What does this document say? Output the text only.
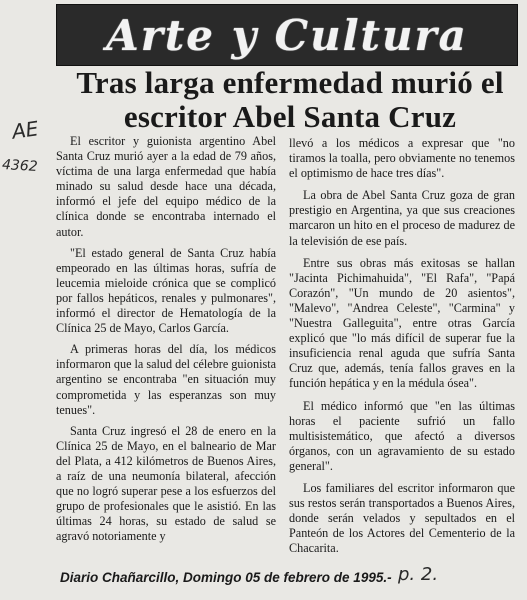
Arte y Cultura
Tras larga enfermedad murió el escritor Abel Santa Cruz
AE
4362

El escritor y guionista argentino Abel Santa Cruz murió ayer a la edad de 79 años, víctima de una larga enfermedad que había minado su salud desde hace una década, informó el jefe del equipo médico de la clínica donde se encontraba internado el autor.

"El estado general de Santa Cruz había empeorado en las últimas horas, sufría de leucemia mieloide crónica que se complicó por fallos hepáticos, renales y pulmonares", informó el director de Hematología de la Clínica 25 de Mayo, Carlos García.

A primeras horas del día, los médicos informaron que la salud del célebre guionista argentino se encontraba "en situación muy comprometida y las esperanzas son muy tenues".

Santa Cruz ingresó el 28 de enero en la Clínica 25 de Mayo, en el balneario de Mar del Plata, a 412 kilómetros de Buenos Aires, a raíz de una neumonía bilateral, afección que no logró superar pese a los esfuerzos del grupo de profesionales que le asistió. En las últimas 24 horas, su estado de salud se agravó notoriamente y

llevó a los médicos a expresar que "no tiramos la toalla, pero obviamente no tenemos el optimismo de hace tres días".

La obra de Abel Santa Cruz goza de gran prestigio en Argentina, ya que sus creaciones marcaron un hito en el proceso de madurez de la televisión de ese país.

Entre sus obras más exitosas se hallan "Jacinta Pichimahuida", "El Rafa", "Papá Corazón", "Un mundo de 20 asientos", "Malevo", "Andrea Celeste", "Carmina" y "Nuestra Galleguita", entre otras García explicó que "lo más difícil de superar fue la insuficiencia renal aguda que sufría Santa Cruz que, además, tenía fallos graves en la función hepática y en la médula ósea".

El médico informó que "en las últimas horas el paciente sufrió un fallo multisistemático, que afectó a diversos órganos, con un agravamiento de su estado general".

Los familiares del escritor informaron que sus restos serán transportados a Buenos Aires, donde serán velados y sepultados en el Panteón de los Actores del Cementerio de la Chacarita.

Diario Chañarcillo, Domingo 05 de febrero de 1995.- p. 2.
